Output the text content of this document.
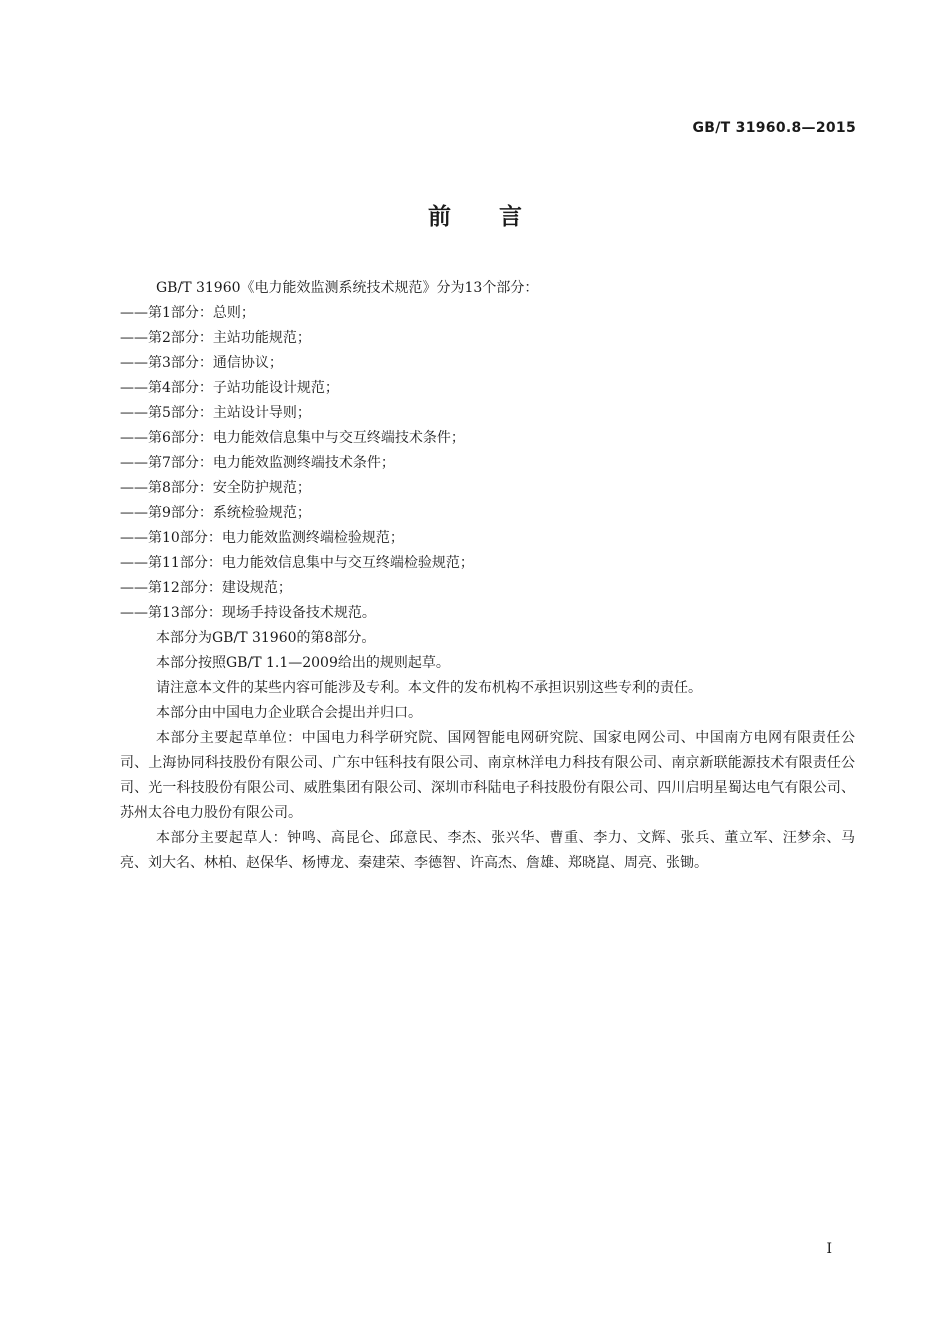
GB/T 31960.8—2015

前言
GB/T 31960《电力能效监测系统技术规范》分为13个部分：
——第1部分：总则；
——第2部分：主站功能规范；
——第3部分：通信协议；
——第4部分：子站功能设计规范；
——第5部分：主站设计导则；
——第6部分：电力能效信息集中与交互终端技术条件；
——第7部分：电力能效监测终端技术条件；
——第8部分：安全防护规范；
——第9部分：系统检验规范；
——第10部分：电力能效监测终端检验规范；
——第11部分：电力能效信息集中与交互终端检验规范；
——第12部分：建设规范；
——第13部分：现场手持设备技术规范。
本部分为GB/T 31960的第8部分。
本部分按照GB/T 1.1—2009给出的规则起草。
请注意本文件的某些内容可能涉及专利。本文件的发布机构不承担识别这些专利的责任。
本部分由中国电力企业联合会提出并归口。

本部分主要起草单位：中国电力科学研究院、国网智能电网研究院、国家电网公司、中国南方电网有限责任公司、上海协同科技股份有限公司、广东中钰科技有限公司、南京林洋电力科技有限公司、南京新联能源技术有限责任公司、光一科技股份有限公司、威胜集团有限公司、深圳市科陆电子科技股份有限公司、四川启明星蜀达电气有限公司、苏州太谷电力股份有限公司。

本部分主要起草人：钟鸣、高昆仑、邱意民、李杰、张兴华、曹重、李力、文辉、张兵、董立军、汪梦余、马亮、刘大名、林柏、赵保华、杨博龙、秦建荣、李德智、许高杰、詹雄、郑晓崑、周亮、张锄。

I
